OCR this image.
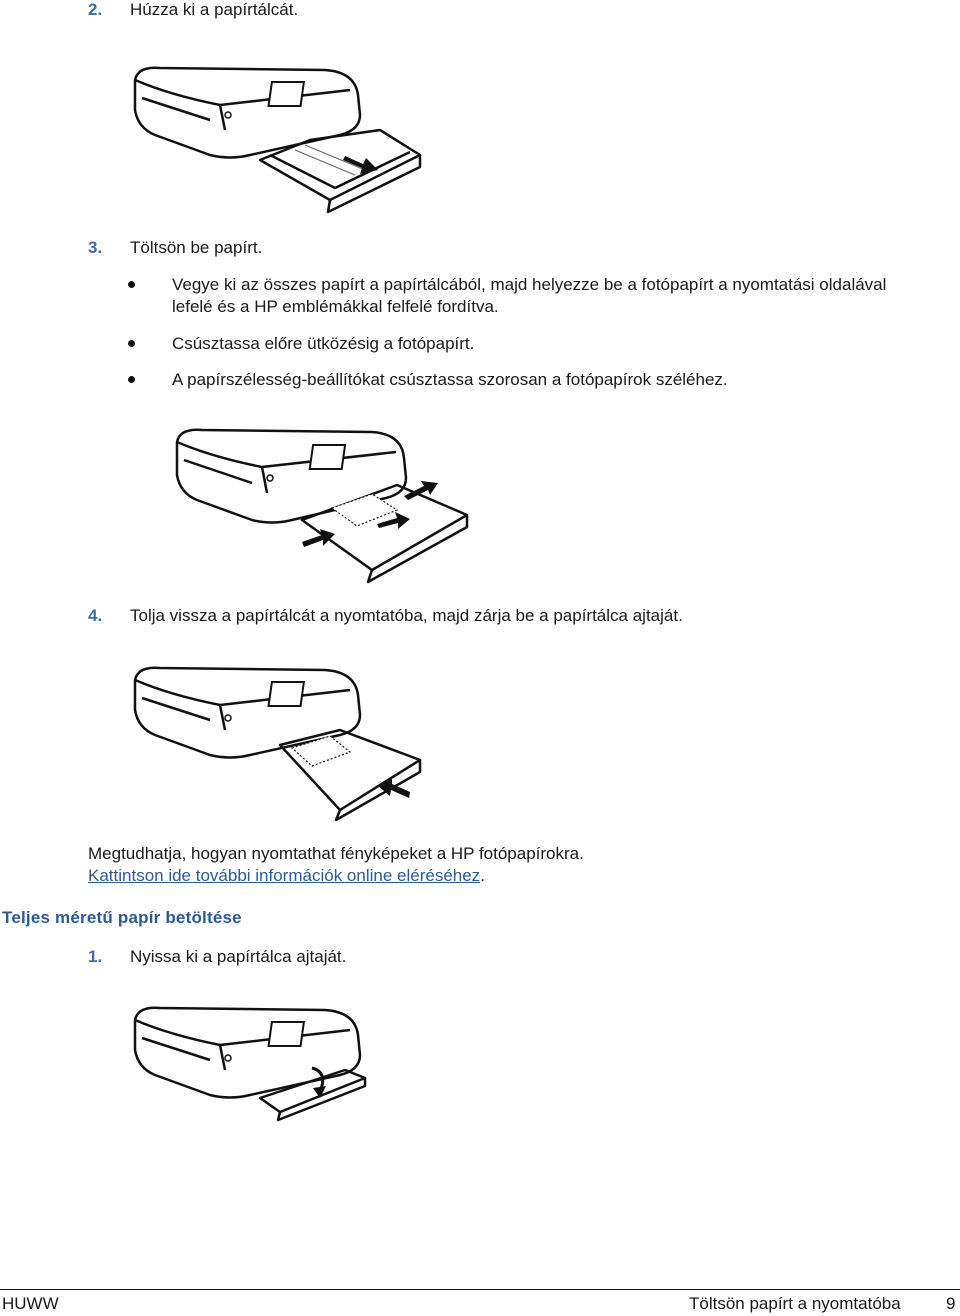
2. Húzza ki a papírtálcát.
3. Töltsön be papírt.
Vegye ki az összes papírt a papírtálcából, majd helyezze be a fotópapírt a nyomtatási oldalával
lefelé és a HP emblémákkal felfelé fordítva.
Csúsztassa előre ütközésig a fotópapírt.
A papírszélesség-beállítókat csúsztassa szorosan a fotópapírok széléhez.
4. Tolja vissza a papírtálcát a nyomtatóba, majd zárja be a papírtálca ajtaját.
Megtudhatja, hogyan nyomtathat fényképeket a HP fotópapírokra.
Kattintson ide további információk online eléréséhez.
Teljes méretű papír betöltése
1. Nyissa ki a papírtálca ajtaját.
HUWW	Töltsön papírt a nyomtatóba	9
